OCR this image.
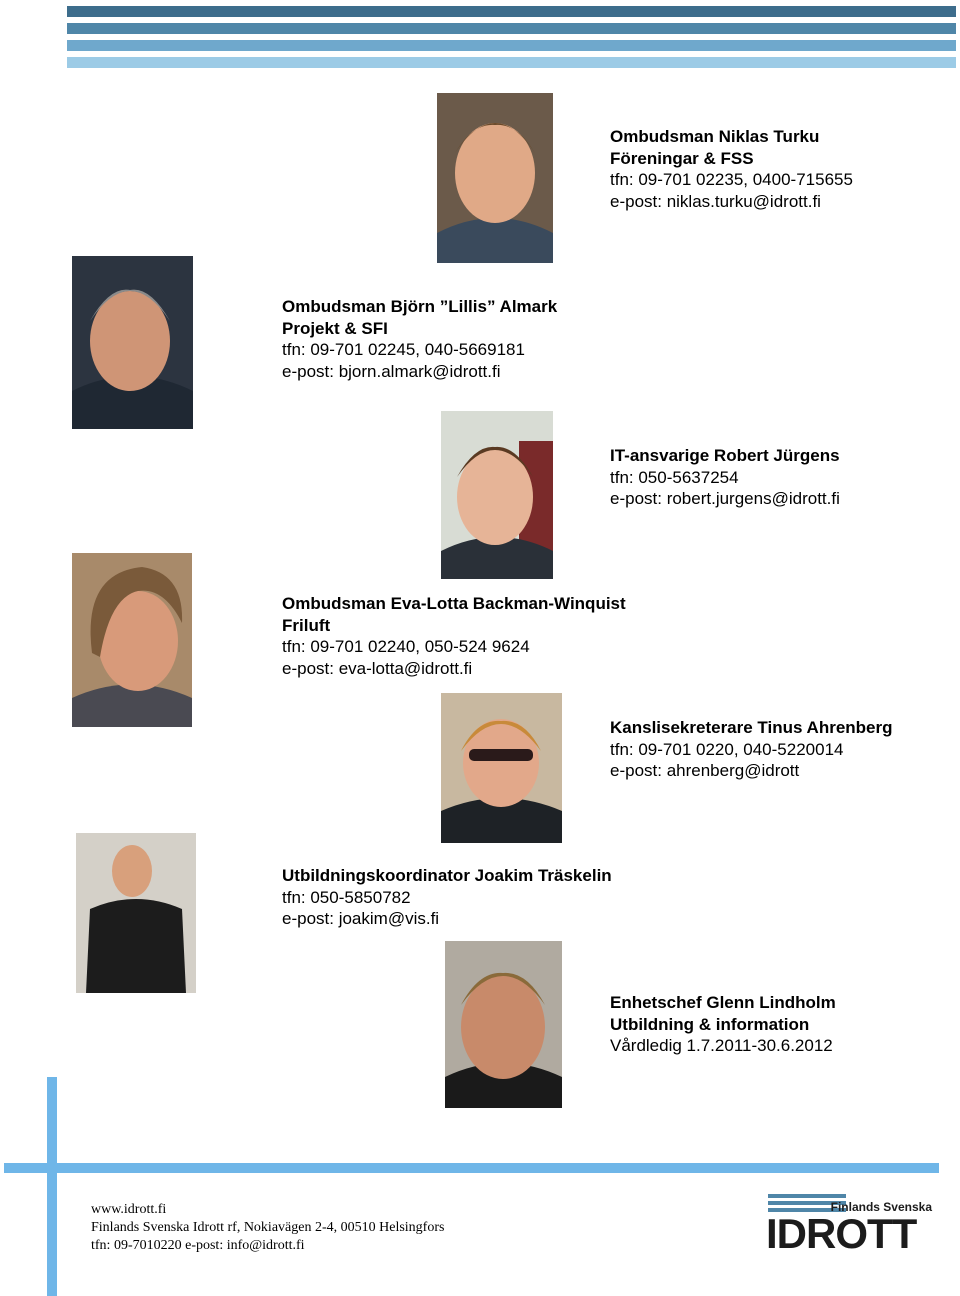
Ombudsman Niklas Turku
Föreningar & FSS
tfn: 09-701 02235, 0400-715655
e-post: niklas.turku@idrott.fi
Ombudsman Björn ”Lillis” Almark
Projekt & SFI
tfn: 09-701 02245, 040-5669181
e-post: bjorn.almark@idrott.fi
IT-ansvarige Robert Jürgens
tfn: 050-5637254
e-post: robert.jurgens@idrott.fi
Ombudsman Eva-Lotta Backman-Winquist
Friluft
tfn: 09-701 02240, 050-524 9624
e-post: eva-lotta@idrott.fi
Kanslisekreterare Tinus Ahrenberg
tfn: 09-701 0220, 040-5220014
e-post: ahrenberg@idrott
Utbildningskoordinator Joakim Träskelin
tfn: 050-5850782
e-post: joakim@vis.fi
Enhetschef Glenn Lindholm
Utbildning & information
Vårdledig 1.7.2011-30.6.2012
www.idrott.fi
Finlands Svenska Idrott rf, Nokiavägen 2-4, 00510 Helsingfors
tfn: 09-7010220 e-post: info@idrott.fi
Finlands Svenska
IDROTT
